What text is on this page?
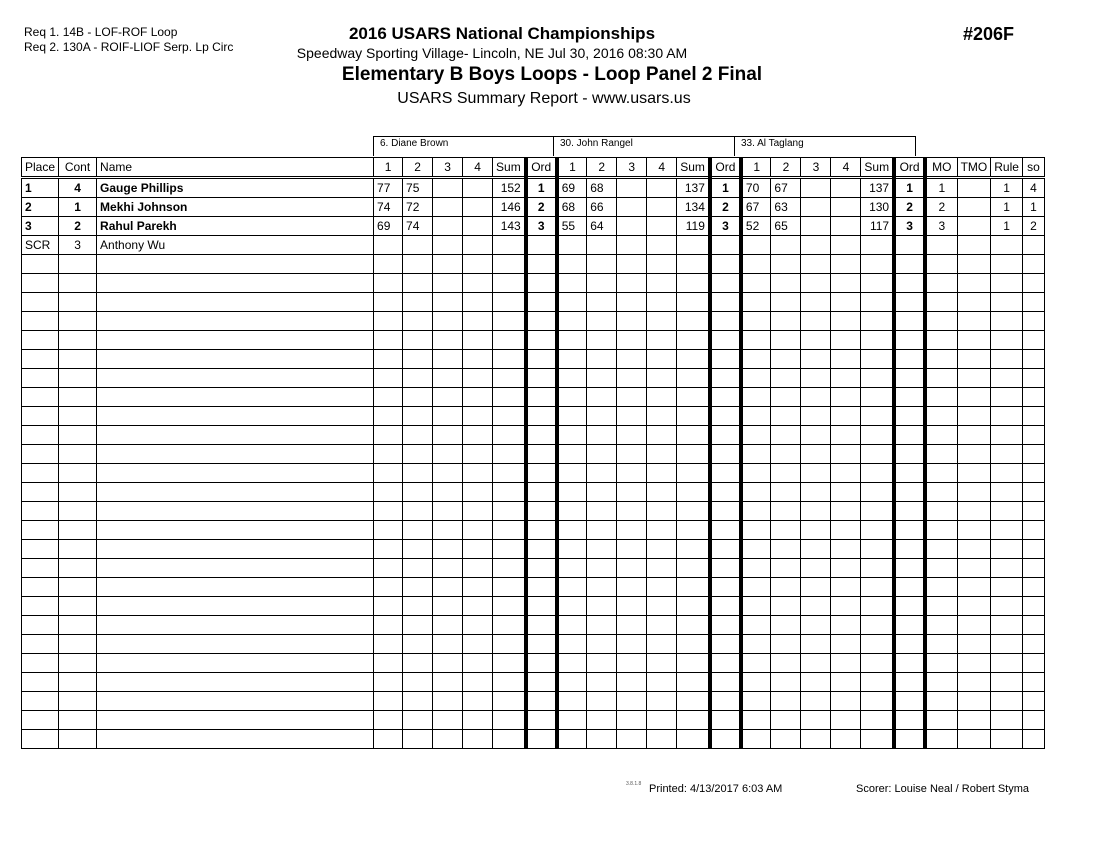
Req 1. 14B - LOF-ROF Loop
Req 2. 130A - ROIF-LIOF Serp. Lp Circ
2016 USARS National Championships
Speedway Sporting Village- Lincoln, NE Jul 30, 2016 08:30 AM
Elementary B Boys Loops - Loop Panel 2 Final
USARS Summary Report - www.usars.us
#206F
6. Diane Brown	30. John Rangel	33. Al Taglang
Place	Cont	Name	1	2	3	4	Sum	Ord	1	2	3	4	Sum	Ord	1	2	3	4	Sum	Ord	MO	TMO	Rule	so
1	4	Gauge Phillips	77	75			152	1	69	68			137	1	70	67			137	1	1		1	4
2	1	Mekhi Johnson	74	72			146	2	68	66			134	2	67	63			130	2	2		1	1
3	2	Rahul Parekh	69	74			143	3	55	64			119	3	52	65			117	3	3		1	2
SCR	3	Anthony Wu																						

3.8.1.8 Printed: 4/13/2017 6:03 AM	Scorer: Louise Neal / Robert Styma
